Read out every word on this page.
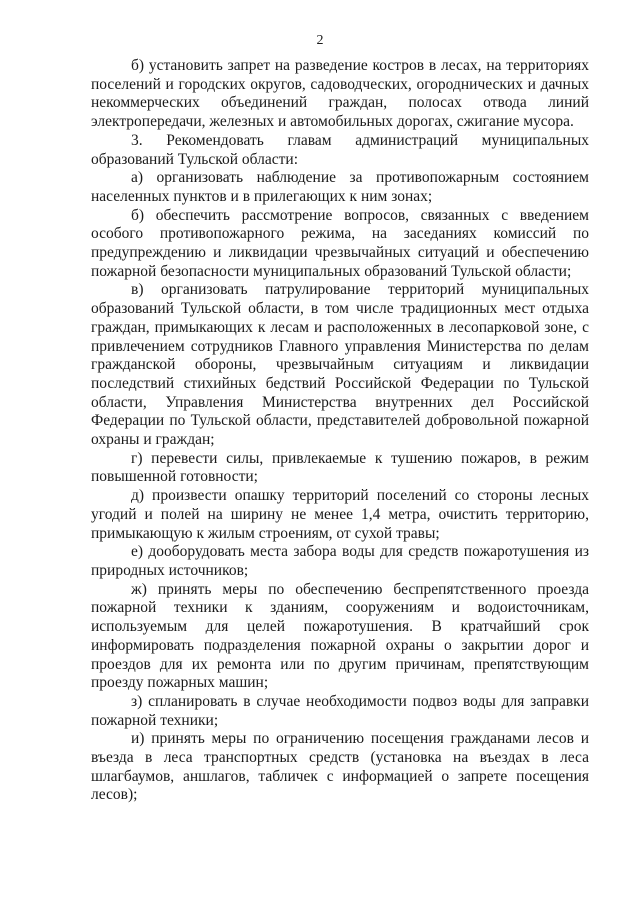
2

б) установить запрет на разведение костров в лесах, на территориях поселений и городских округов, садоводческих, огороднических и дачных некоммерческих объединений граждан, полосах отвода линий электропередачи, железных и автомобильных дорогах, сжигание мусора.

3. Рекомендовать главам администраций муниципальных образований Тульской области:

а) организовать наблюдение за противопожарным состоянием населенных пунктов и в прилегающих к ним зонах;

б) обеспечить рассмотрение вопросов, связанных с введением особого противопожарного режима, на заседаниях комиссий по предупреждению и ликвидации чрезвычайных ситуаций и обеспечению пожарной безопасности муниципальных образований Тульской области;

в) организовать патрулирование территорий муниципальных образований Тульской области, в том числе традиционных мест отдыха граждан, примыкающих к лесам и расположенных в лесопарковой зоне, с привлечением сотрудников Главного управления Министерства по делам гражданской обороны, чрезвычайным ситуациям и ликвидации последствий стихийных бедствий Российской Федерации по Тульской области, Управления Министерства внутренних дел Российской Федерации по Тульской области, представителей добровольной пожарной охраны и граждан;

г) перевести силы, привлекаемые к тушению пожаров, в режим повышенной готовности;

д) произвести опашку территорий поселений со стороны лесных угодий и полей на ширину не менее 1,4 метра, очистить территорию, примыкающую к жилым строениям, от сухой травы;

е) дооборудовать места забора воды для средств пожаротушения из природных источников;

ж) принять меры по обеспечению беспрепятственного проезда пожарной техники к зданиям, сооружениям и водоисточникам, используемым для целей пожаротушения. В кратчайший срок информировать подразделения пожарной охраны о закрытии дорог и проездов для их ремонта или по другим причинам, препятствующим проезду пожарных машин;

з) спланировать в случае необходимости подвоз воды для заправки пожарной техники;

и) принять меры по ограничению посещения гражданами лесов и въезда в леса транспортных средств (установка на въездах в леса шлагбаумов, аншлагов, табличек с информацией о запрете посещения лесов);
